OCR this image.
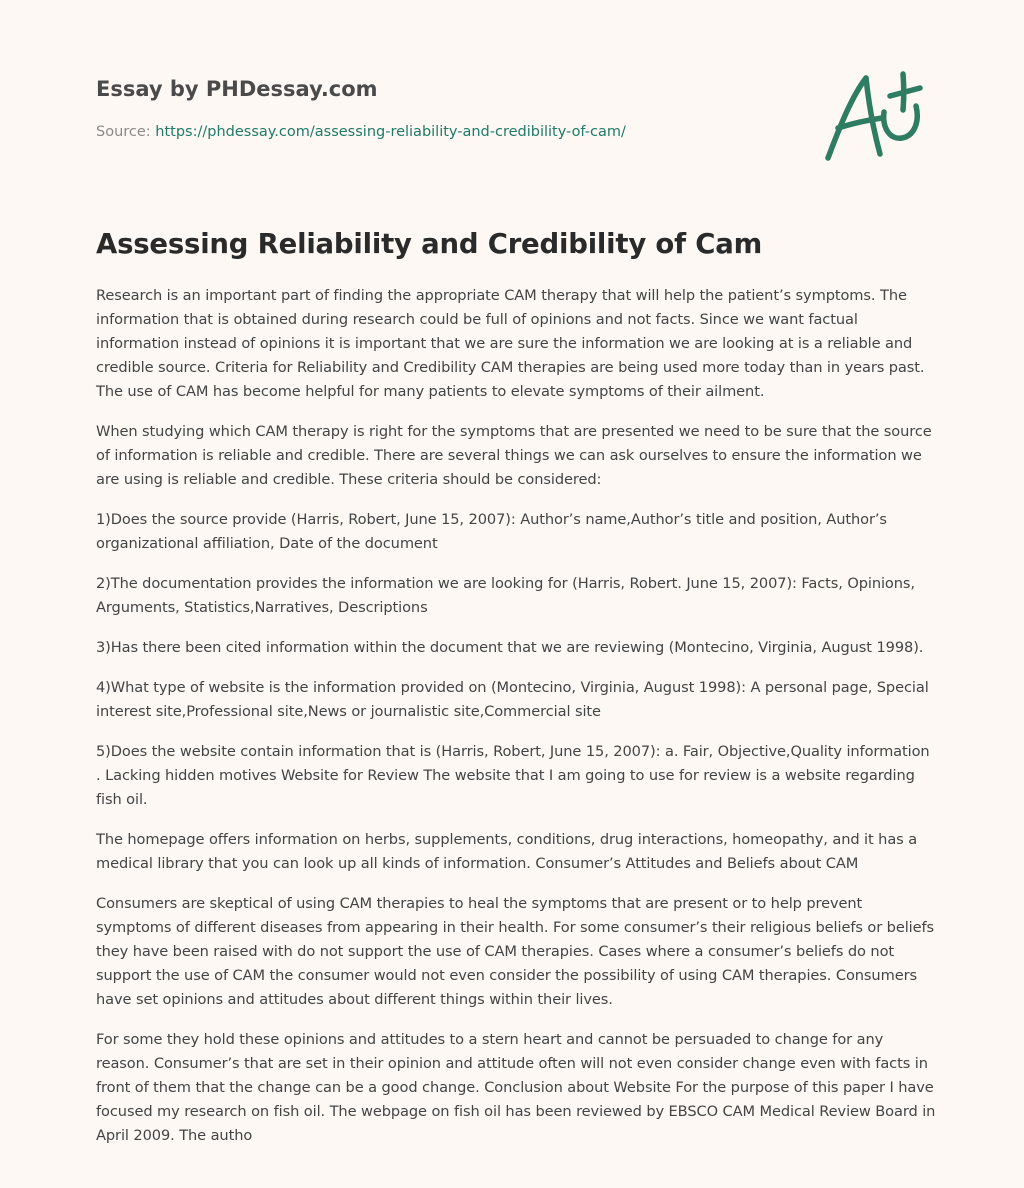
Essay by PHDessay.com
Source: https://phdessay.com/assessing-reliability-and-credibility-of-cam/
Assessing Reliability and Credibility of Cam

Research is an important part of finding the appropriate CAM therapy that will help the patient’s symptoms. The information that is obtained during research could be full of opinions and not facts. Since we want factual information instead of opinions it is important that we are sure the information we are looking at is a reliable and credible source. Criteria for Reliability and Credibility CAM therapies are being used more today than in years past. The use of CAM has become helpful for many patients to elevate symptoms of their ailment.

When studying which CAM therapy is right for the symptoms that are presented we need to be sure that the source of information is reliable and credible. There are several things we can ask ourselves to ensure the information we are using is reliable and credible. These criteria should be considered:

1)Does the source provide (Harris, Robert, June 15, 2007): Author’s name,Author’s title and position, Author’s organizational affiliation, Date of the document

2)The documentation provides the information we are looking for (Harris, Robert. June 15, 2007): Facts, Opinions, Arguments, Statistics,Narratives, Descriptions

3)Has there been cited information within the document that we are reviewing (Montecino, Virginia, August 1998).

4)What type of website is the information provided on (Montecino, Virginia, August 1998): A personal page, Special interest site,Professional site,News or journalistic site,Commercial site

5)Does the website contain information that is (Harris, Robert, June 15, 2007): a. Fair, Objective,Quality information . Lacking hidden motives Website for Review The website that I am going to use for review is a website regarding fish oil.

The homepage offers information on herbs, supplements, conditions, drug interactions, homeopathy, and it has a medical library that you can look up all kinds of information. Consumer’s Attitudes and Beliefs about CAM

Consumers are skeptical of using CAM therapies to heal the symptoms that are present or to help prevent symptoms of different diseases from appearing in their health. For some consumer’s their religious beliefs or beliefs they have been raised with do not support the use of CAM therapies. Cases where a consumer’s beliefs do not support the use of CAM the consumer would not even consider the possibility of using CAM therapies. Consumers have set opinions and attitudes about different things within their lives.

For some they hold these opinions and attitudes to a stern heart and cannot be persuaded to change for any reason. Consumer’s that are set in their opinion and attitude often will not even consider change even with facts in front of them that the change can be a good change. Conclusion about Website For the purpose of this paper I have focused my research on fish oil. The webpage on fish oil has been reviewed by EBSCO CAM Medical Review Board in April 2009. The autho
